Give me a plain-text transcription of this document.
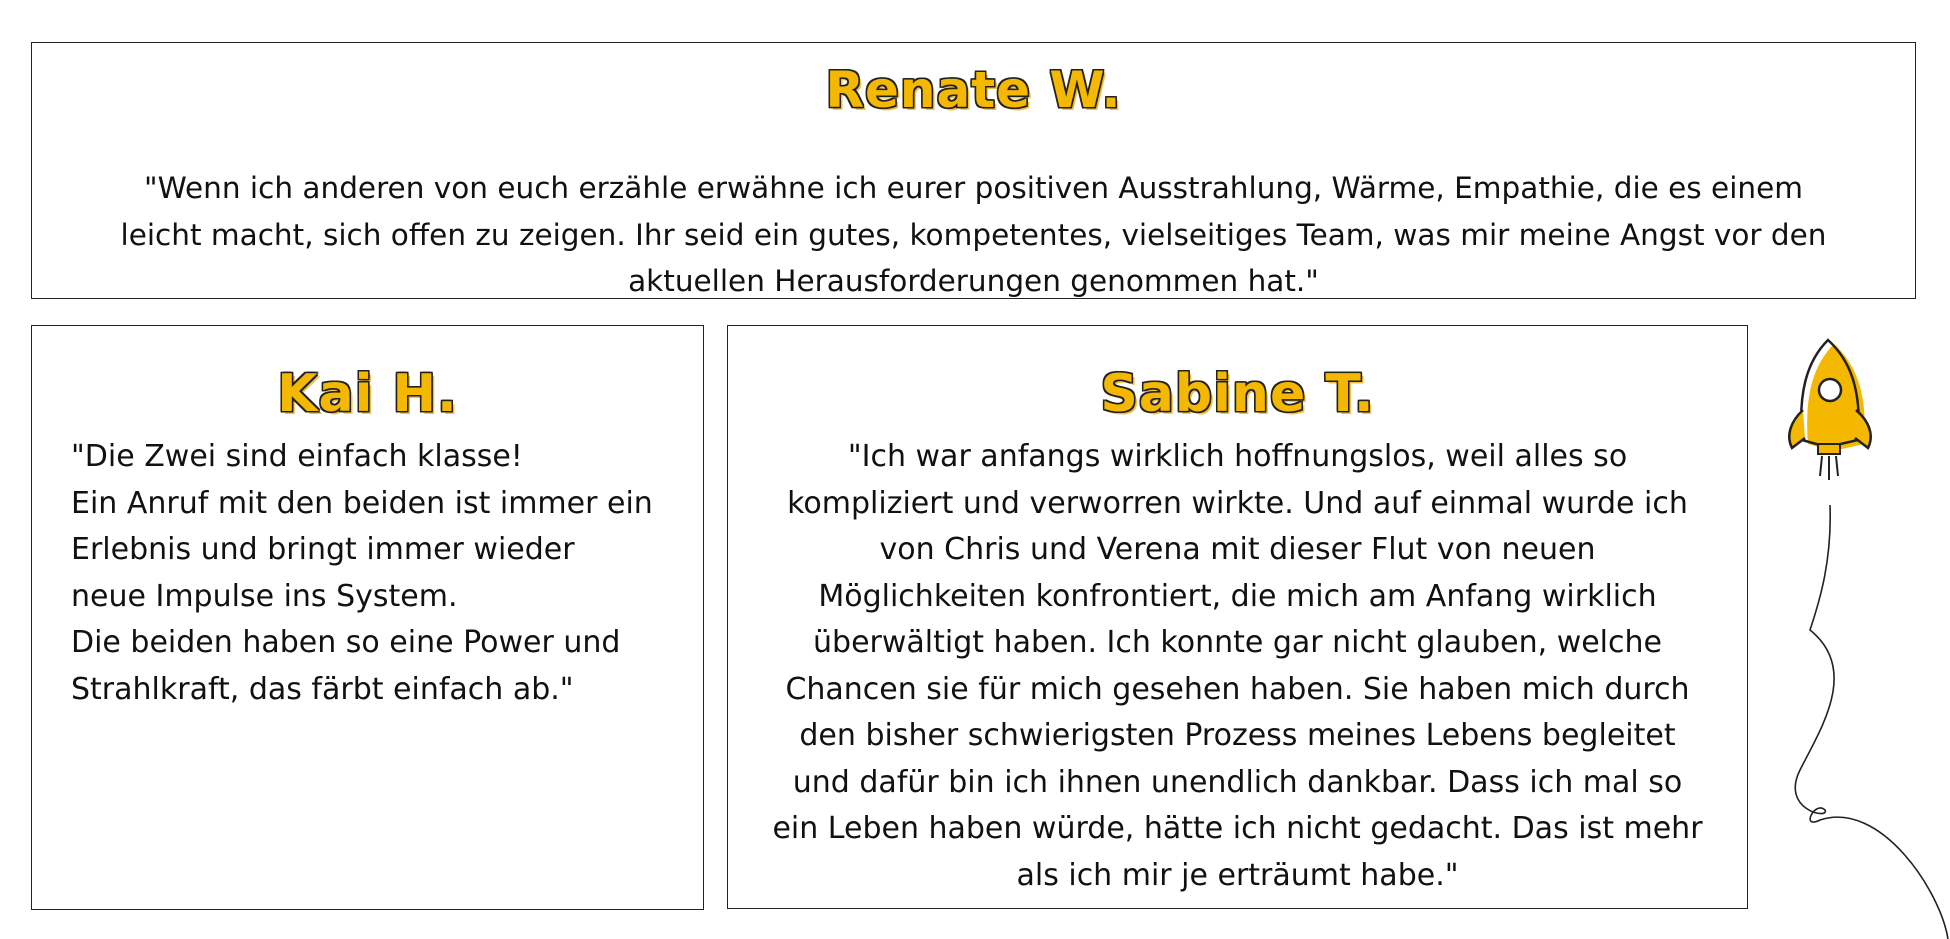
Renate W.
"Wenn ich anderen von euch erzähle erwähne ich eurer positiven Ausstrahlung, Wärme, Empathie, die es einem
leicht macht, sich offen zu zeigen. Ihr seid ein gutes, kompetentes, vielseitiges Team, was mir meine Angst vor den
aktuellen Herausforderungen genommen hat."
Kai H.
"Die Zwei sind einfach klasse!
Ein Anruf mit den beiden ist immer ein
Erlebnis und bringt immer wieder
neue Impulse ins System.
Die beiden haben so eine Power und
Strahlkraft, das färbt einfach ab."
Sabine T.
"Ich war anfangs wirklich hoffnungslos, weil alles so
kompliziert und verworren wirkte. Und auf einmal wurde ich
von Chris und Verena mit dieser Flut von neuen
Möglichkeiten konfrontiert, die mich am Anfang wirklich
überwältigt haben. Ich konnte gar nicht glauben, welche
Chancen sie für mich gesehen haben. Sie haben mich durch
den bisher schwierigsten Prozess meines Lebens begleitet
und dafür bin ich ihnen unendlich dankbar. Dass ich mal so
ein Leben haben würde, hätte ich nicht gedacht. Das ist mehr
als ich mir je erträumt habe."
